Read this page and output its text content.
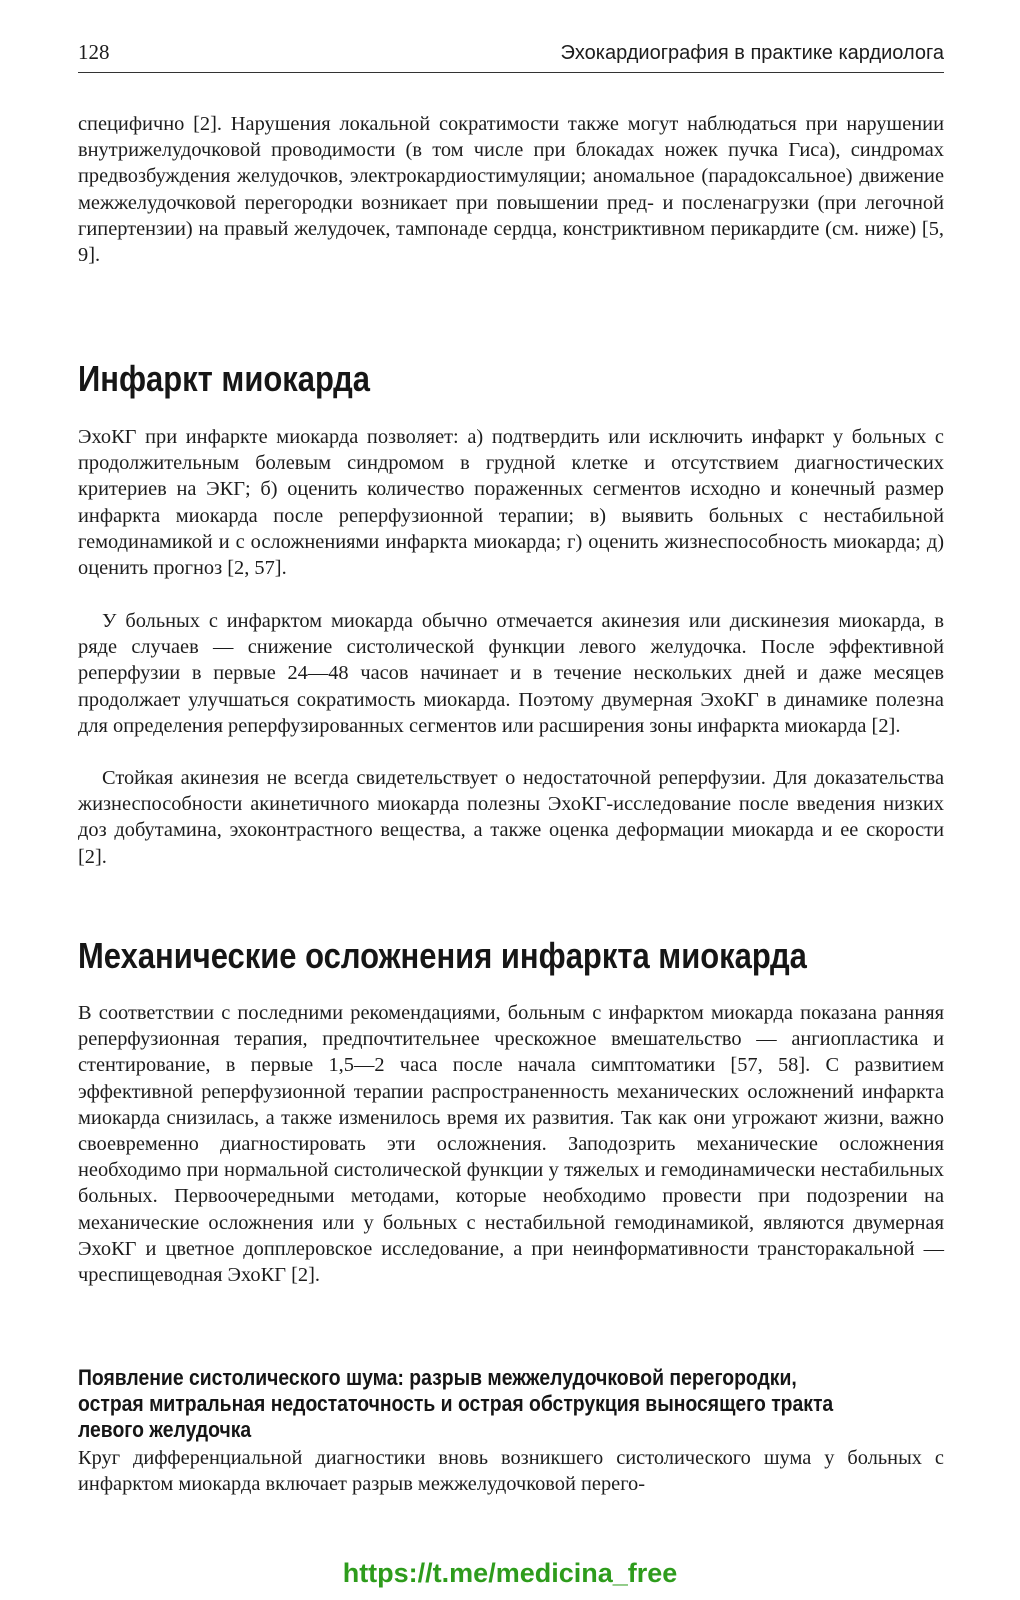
128	Эхокардиография в практике кардиолога

специфично [2]. Нарушения локальной сократимости также могут наблюдаться при нарушении внутрижелудочковой проводимости (в том числе при блокадах ножек пучка Гиса), синдромах предвозбуждения желудочков, электрокардиостимуляции; аномальное (парадоксальное) движение межжелудочковой перегородки возникает при повышении пред- и посленагрузки (при легочной гипертензии) на правый желудочек, тампонаде сердца, констриктивном перикардите (см. ниже) [5, 9].

Инфаркт миокарда

ЭхоКГ при инфаркте миокарда позволяет: а) подтвердить или исключить инфаркт у больных с продолжительным болевым синдромом в грудной клетке и отсутствием диагностических критериев на ЭКГ; б) оценить количество пораженных сегментов исходно и конечный размер инфаркта миокарда после реперфузионной терапии; в) выявить больных с нестабильной гемодинамикой и с осложнениями инфаркта миокарда; г) оценить жизнеспособность миокарда; д) оценить прогноз [2, 57].

У больных с инфарктом миокарда обычно отмечается акинезия или дискинезия миокарда, в ряде случаев — снижение систолической функции левого желудочка. После эффективной реперфузии в первые 24—48 часов начинает и в течение нескольких дней и даже месяцев продолжает улучшаться сократимость миокарда. Поэтому двумерная ЭхоКГ в динамике полезна для определения реперфузированных сегментов или расширения зоны инфаркта миокарда [2].

Стойкая акинезия не всегда свидетельствует о недостаточной реперфузии. Для доказательства жизнеспособности акинетичного миокарда полезны ЭхоКГ-исследование после введения низких доз добутамина, эхоконтрастного вещества, а также оценка деформации миокарда и ее скорости [2].

Механические осложнения инфаркта миокарда

В соответствии с последними рекомендациями, больным с инфарктом миокарда показана ранняя реперфузионная терапия, предпочтительнее чрескожное вмешательство — ангиопластика и стентирование, в первые 1,5—2 часа после начала симптоматики [57, 58]. С развитием эффективной реперфузионной терапии распространенность механических осложнений инфаркта миокарда снизилась, а также изменилось время их развития. Так как они угрожают жизни, важно своевременно диагностировать эти осложнения. Заподозрить механические осложнения необходимо при нормальной систолической функции у тяжелых и гемодинамически нестабильных больных. Первоочередными методами, которые необходимо провести при подозрении на механические осложнения или у больных с нестабильной гемодинамикой, являются двумерная ЭхоКГ и цветное допплеровское исследование, а при неинформативности трансторакальной — чреспищеводная ЭхоКГ [2].

Появление систолического шума: разрыв межжелудочковой перегородки, острая митральная недостаточность и острая обструкция выносящего тракта левого желудочка

Круг дифференциальной диагностики вновь возникшего систолического шума у больных с инфарктом миокарда включает разрыв межжелудочковой перего-

https://t.me/medicina_free
